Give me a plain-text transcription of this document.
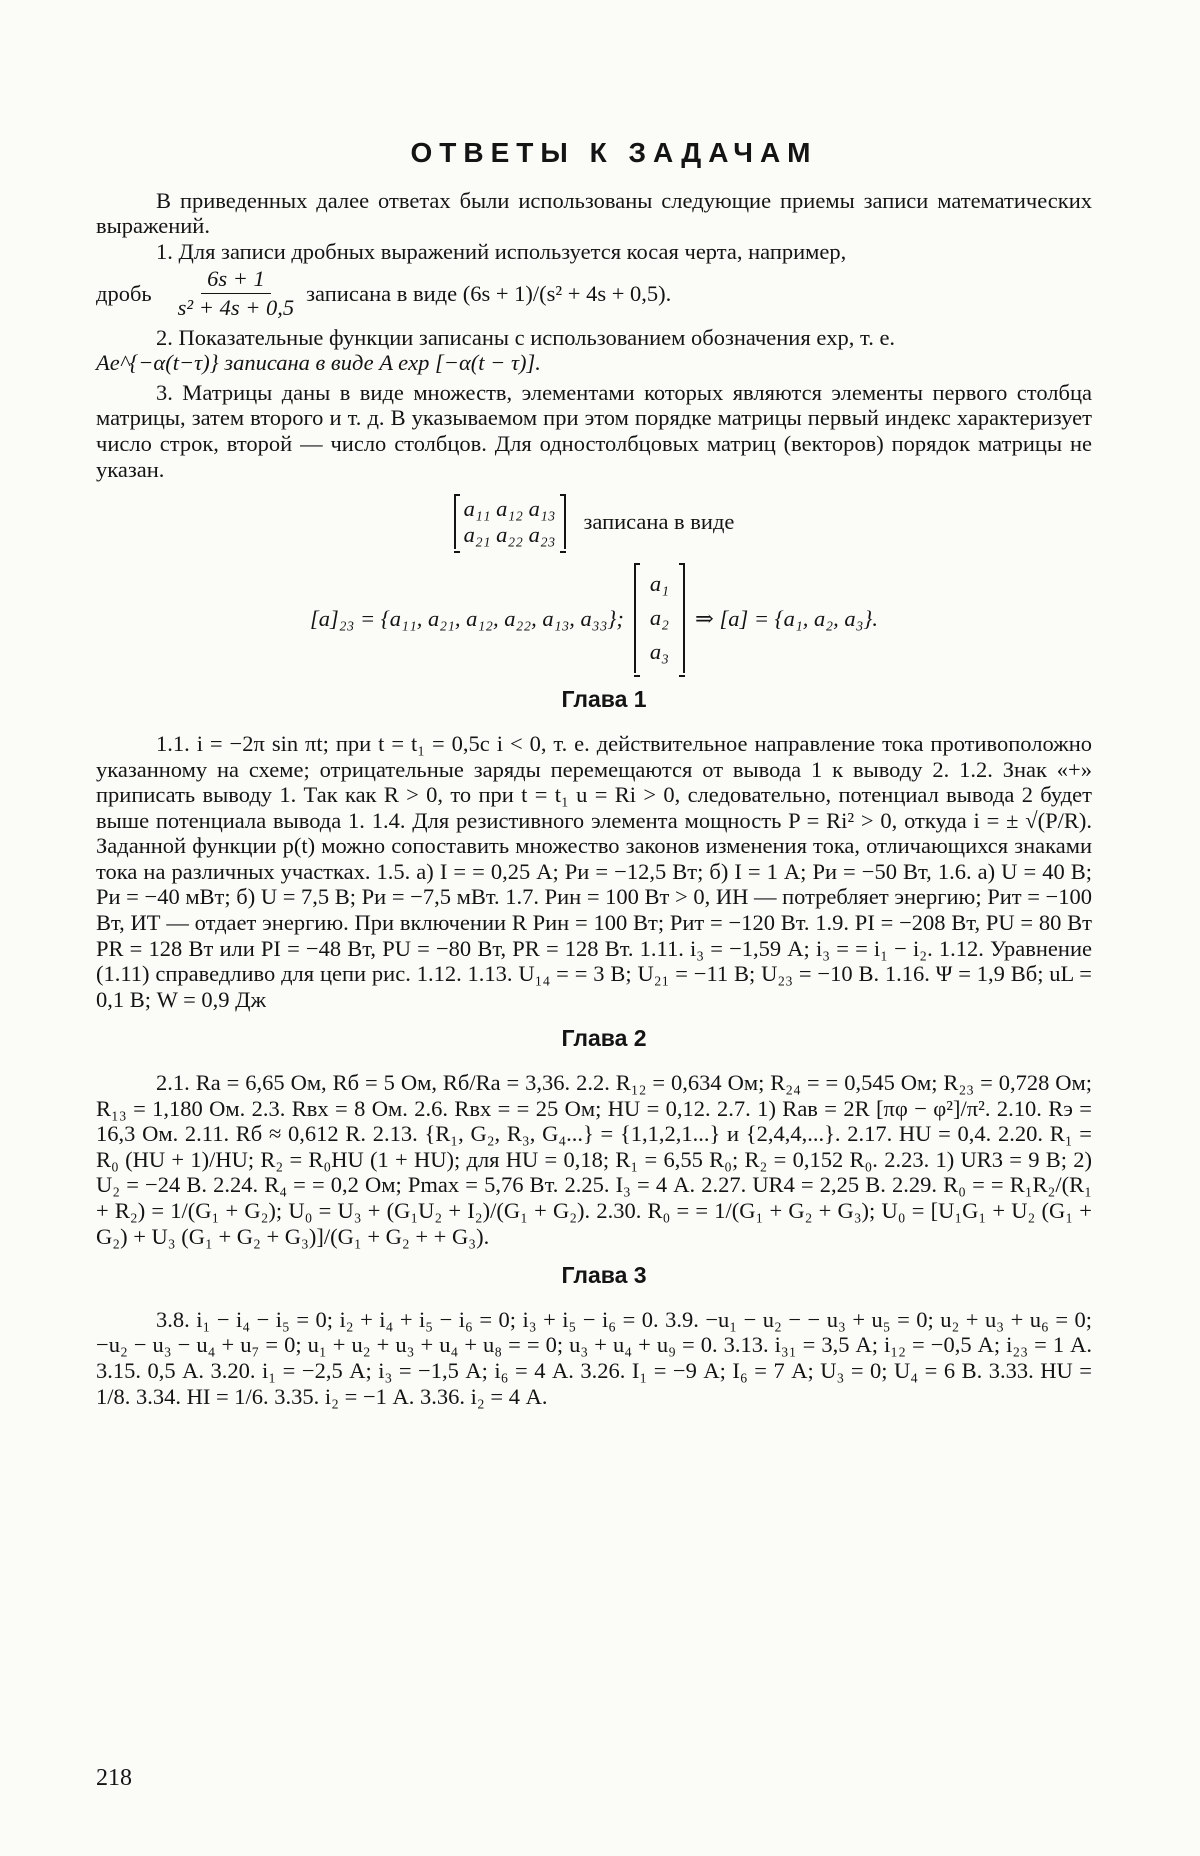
ОТВЕТЫ К ЗАДАЧАМ

В приведенных далее ответах были использованы следующие приемы записи математических выражений.

1. Для записи дробных выражений используется косая черта, например,

дробь $\frac{6s + 1}{\text{s² + 4s + 0,5}}$ записана в виде (6s + 1)/(s² + 4s + 0,5).

2. Показательные функции записаны с использованием обозначения exp, т. е.

Ae^{−α(t−τ)} записана в виде A exp [−α(t − τ)].

3. Матрицы даны в виде множеств, элементами которых являются элементы первого столбца матрицы, затем второго и т. д. В указываемом при этом порядке матрицы первый индекс характеризует число строк, второй — число столбцов. Для одностолбцовых матриц (векторов) порядок матрицы не указан.

a₁₁ a₁₂ a₁₃
a₂₁ a₂₂ a₂₃
записана в виде
[a]₂₃ = {a₁₁, a₂₁, a₁₂, a₂₂, a₁₃, a₃₃};
a₁
a₂
a₃
⇒ [a] = {a₁, a₂, a₃}.
Глава 1

1.1. i = −2π sin πt; при t = t₁ = 0,5c i < 0, т. е. действительное направление тока противоположно указанному на схеме; отрицательные заряды перемещаются от вывода 1 к выводу 2. 1.2. Знак «+» приписать выводу 1. Так как R > 0, то при t = t₁ u = Ri > 0, следовательно, потенциал вывода 2 будет выше потенциала вывода 1. 1.4. Для резистивного элемента мощность P = Ri² > 0, откуда i = ± √(P/R). Заданной функции p(t) можно сопоставить множество законов изменения тока, отличающихся знаками тока на различных участках. 1.5. а) I = = 0,25 А; Pи = −12,5 Вт; б) I = 1 А; Pи = −50 Вт, 1.6. а) U = 40 В; Pи = −40 мВт; б) U = 7,5 В; Pи = −7,5 мВт. 1.7. Pин = 100 Вт > 0, ИН — потребляет энергию; Pит = −100 Вт, ИТ — отдает энергию. При включении R Pин = 100 Вт; Pит = −120 Вт. 1.9. PI = −208 Вт, PU = 80 Вт PR = 128 Вт или PI = −48 Вт, PU = −80 Вт, PR = 128 Вт. 1.11. i₃ = −1,59 А; i₃ = = i₁ − i₂. 1.12. Уравнение (1.11) справедливо для цепи рис. 1.12. 1.13. U₁₄ = = 3 В; U₂₁ = −11 В; U₂₃ = −10 В. 1.16. Ψ = 1,9 Вб; uL = 0,1 В; W = 0,9 Дж

Глава 2

2.1. Rа = 6,65 Ом, Rб = 5 Ом, Rб/Rа = 3,36. 2.2. R₁₂ = 0,634 Ом; R₂₄ = = 0,545 Ом; R₂₃ = 0,728 Ом; R₁₃ = 1,180 Ом. 2.3. Rвх = 8 Ом. 2.6. Rвх = = 25 Ом; HU = 0,12. 2.7. 1) Rав = 2R [πφ − φ²]/π². 2.10. Rэ = 16,3 Ом. 2.11. Rб ≈ 0,612 R. 2.13. {R₁, G₂, R₃, G₄...} = {1,1,2,1...} и {2,4,4,...}. 2.17. HU = 0,4. 2.20. R₁ = R₀ (HU + 1)/HU; R₂ = R₀HU (1 + HU); для HU = 0,18; R₁ = 6,55 R₀; R₂ = 0,152 R₀. 2.23. 1) UR3 = 9 В; 2) U₂ = −24 В. 2.24. R₄ = = 0,2 Ом; Pmax = 5,76 Вт. 2.25. I₃ = 4 А. 2.27. UR4 = 2,25 В. 2.29. R₀ = = R₁R₂/(R₁ + R₂) = 1/(G₁ + G₂); U₀ = U₃ + (G₁U₂ + I₂)/(G₁ + G₂). 2.30. R₀ = = 1/(G₁ + G₂ + G₃); U₀ = [U₁G₁ + U₂ (G₁ + G₂) + U₃ (G₁ + G₂ + G₃)]/(G₁ + G₂ + + G₃).

Глава 3

3.8. i₁ − i₄ − i₅ = 0; i₂ + i₄ + i₅ − i₆ = 0; i₃ + i₅ − i₆ = 0. 3.9. −u₁ − u₂ − − u₃ + u₅ = 0; u₂ + u₃ + u₆ = 0; −u₂ − u₃ − u₄ + u₇ = 0; u₁ + u₂ + u₃ + u₄ + u₈ = = 0; u₃ + u₄ + u₉ = 0. 3.13. i₃₁ = 3,5 А; i₁₂ = −0,5 А; i₂₃ = 1 А. 3.15. 0,5 А. 3.20. i₁ = −2,5 А; i₃ = −1,5 А; i₆ = 4 А. 3.26. I₁ = −9 А; I₆ = 7 А; U₃ = 0; U₄ = 6 В. 3.33. HU = 1/8. 3.34. HI = 1/6. 3.35. i₂ = −1 А. 3.36. i₂ = 4 А.

218
